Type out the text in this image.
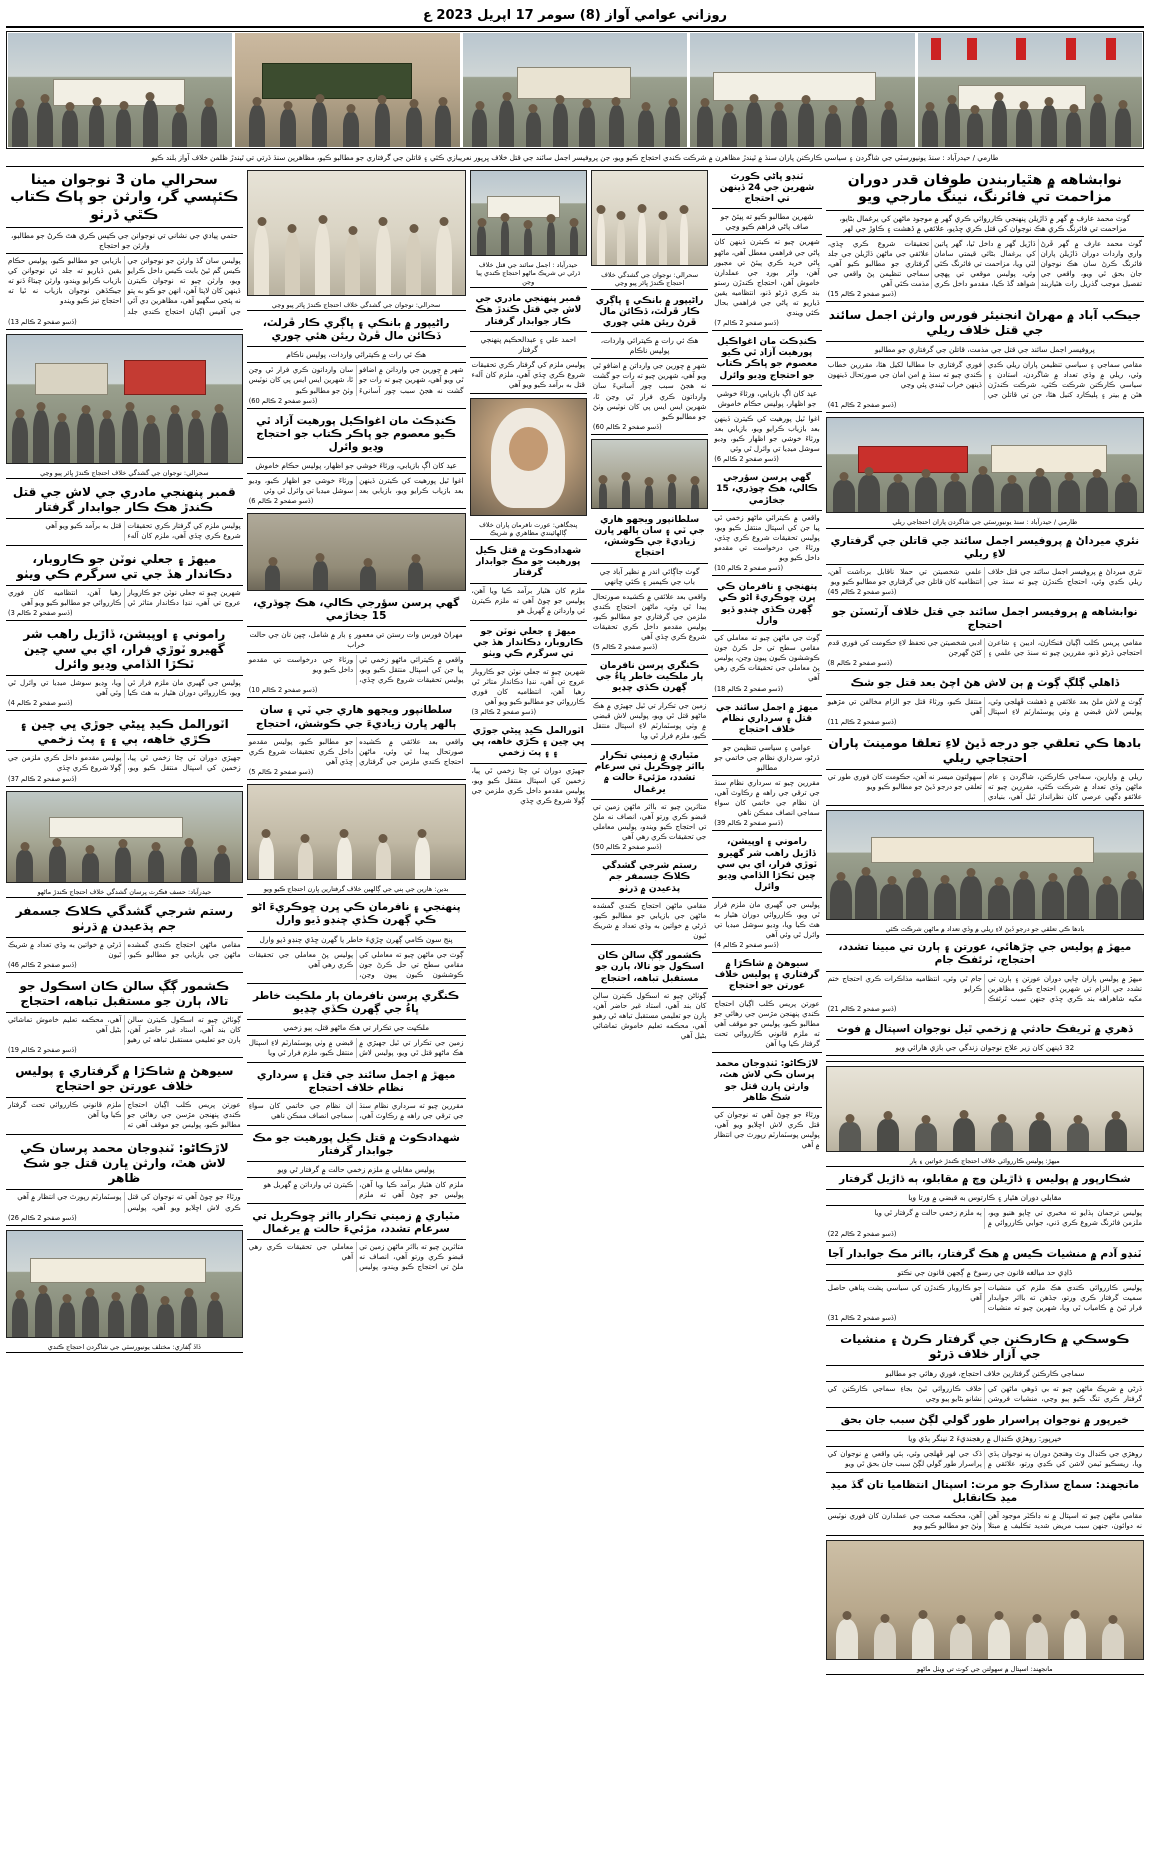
روزاني عوامي آواز (8) سومر 17 اپريل 2023 ع
طارمي / حيدرآباد : سنڌ يونيورسٽي جي شاگردن ۽ سياسي ڪارڪنن پاران سنڌ ۾ ٿيندڙ مظاهرن ۾ شرڪت ڪندي احتجاج ڪيو ويو، جن پروفيسر اجمل سائند جي قتل خلاف ڀرپور نعريبازي ڪئي ۽ قاتلن جي گرفتاري جو مطالبو ڪيو، مظاهرين سنڌ ڌرتي تي ٿيندڙ ظلمن خلاف آواز بلند ڪيو
نوابشاهه ۾ هٿياربندن طوفان قدر دوران مزاحمت تي فائرنگ، نينگ مارجي ويو
گوٺ محمد عارف ۾ گهر ۾ ڌاڙيلن پنهنجي ڪارروائي ڪري گهر ۾ موجود ماڻهن کي يرغمال بڻايو، مزاحمت تي فائرنگ ڪري هڪ نوجوان کي قتل ڪري ڇڏيو، علائقي ۾ ڏهشت ۽ ڪاوڙ جي لهر
گوٺ محمد عارف ۾ گهر ڦرڻ واري واردات دوران ڌاڙيلن پاران فائرنگ ڪرڻ سان هڪ نوجوان جان بحق ٿي ويو، واقعي جي تفصيل موجب گذريل رات هٿياربند ڌاڙيل گهر ۾ داخل ٿيا، گهر ڀاتين کي يرغمال بڻائي قيمتي سامان لٽي ويا، مزاحمت تي فائرنگ ڪئي وئي، پوليس موقعي تي پهچي شواهد گڏ ڪيا، مقدمو داخل ڪري تحقيقات شروع ڪري ڇڏي، علائقي جي ماڻهن ڌاڙيلن جي جلد گرفتاري جو مطالبو ڪيو آهي، سماجي تنظيمن پڻ واقعي جي مذمت ڪئي آهي
(ڏسو صفحو 2 ڪالم 15)
جيڪب آباد ۾ مهراڻ انجنيئر فورس وارثن اجمل سائند جي قتل خلاف ريلي
پروفيسر اجمل سائند جي قتل جي مذمت، قاتلن جي گرفتاري جو مطالبو
مقامي سماجي ۽ سياسي تنظيمن پاران ريلي ڪڍي وئي، ريلي ۾ وڏي تعداد ۾ شاگردن، استادن ۽ سياسي ڪارڪنن شرڪت ڪئي، شرڪت ڪندڙن هٿن ۾ بينر ۽ پليڪارڊ کنيل هئا، جن تي قاتلن جي فوري گرفتاري جا مطالبا لکيل هئا، مقررين خطاب ڪندي چيو ته سنڌ ۾ امن امان جي صورتحال ڏينهون ڏينهن خراب ٿيندي پئي وڃي
(ڏسو صفحو 2 ڪالم 41)
طارمي / حيدرآباد : سنڌ يونيورسٽي جي شاگردن پاران احتجاجي ريلي
نئري ميرداڻ ۾ پروفيسر اجمل سائند جي قاتلن جي گرفتاري لاءِ ريلي
نئري ميرداڻ ۾ پروفيسر اجمل سائند جي قتل خلاف ريلي ڪڍي وئي، احتجاج ڪندڙن چيو ته سنڌ جي علمي شخصيتن تي حملا ناقابل برداشت آهن، انتظاميه کان قاتلن جي گرفتاري جو مطالبو ڪيو ويو
(ڏسو صفحو 2 ڪالم 45)
نوابشاهه ۾ پروفيسر اجمل سائند جي قتل خلاف آرٽسٽن جو احتجاج
مقامي پريس ڪلب اڳيان فنڪارن، اديبن ۽ شاعرن احتجاجي ڌرڻو ڏنو، مقررين چيو ته سنڌ جي علمي ۽ ادبي شخصيتن جي تحفظ لاءِ حڪومت کي فوري قدم کڻڻ گهرجن
(ڏسو صفحو 2 ڪالم 8)
ڏاهلي ڳلڳ ڳوٺ ۾ ٻن لاش هڻ اچڻ بعد قتل جو شڪ
ڳوٺ ۾ لاش ملڻ بعد علائقي ۾ ڏهشت ڦهلجي وئي، پوليس لاش قبضي ۾ وٺي پوسٽمارٽم لاءِ اسپتال منتقل ڪيو، ورثاءَ قتل جو الزام مخالفن تي مڙهيو آهي
(ڏسو صفحو 2 ڪالم 11)
بادها ڪي تعلقي جو درجه ڏيڻ لاءِ تعلقا مومينٽ پاران احتجاجي ريلي
ريلي ۾ واپارين، سماجي ڪارڪنن، شاگردن ۽ عام ماڻهن وڏي تعداد ۾ شرڪت ڪئي، مقررين چيو ته علائقو ڊگهي عرصي کان نظرانداز ٿيل آهي، بنيادي سهولتون ميسر نه آهن، حڪومت کان فوري طور تي تعلقي جو درجو ڏيڻ جو مطالبو ڪيو ويو
بادها ڪي تعلقي جو درجو ڏيڻ لاءِ ريلي ۾ وڏي تعداد ۾ ماڻهن شرڪت ڪئي
ميهڙ ۾ پوليس جي چڙهائي، عورتن ۽ ٻارن تي مبينا تشدد، احتجاج، ٽرئفڪ جام
ميهڙ ۾ پوليس پاران ڇاپي دوران عورتن ۽ ٻارن تي تشدد جي الزام تي شهرين احتجاج ڪيو، مظاهرين مکيه شاهراهه بند ڪري ڇڏي جنهن سبب ٽرئفڪ جام ٿي وئي، انتظاميه مذاڪرات ڪري احتجاج ختم ڪرايو
(ڏسو صفحو 2 ڪالم 21)
ڏهري ۾ ٽريفڪ حادثي ۾ زخمي ٿيل نوجوان اسپتال ۾ فوت
32 ڏينهن کان زير علاج نوجوان زندگي جي بازي هارائي ويو
ميهڙ: پوليس ڪارروائي خلاف احتجاج ڪندڙ خواتين ۽ ٻار
شڪارپور ۾ پوليس ۽ ڌاڙيلن وچ ۾ مقابلو، ٻه ڌاڙيل گرفتار
مقابلي دوران هٿيار ۽ ڪارتوس به قبضي ۾ ورتا ويا
پوليس ترجمان ٻڌايو ته مخبري تي ڇاپو هنيو ويو، ملزمن فائرنگ شروع ڪري ڏني، جوابي ڪارروائي ۾ ٻه ملزم زخمي حالت ۾ گرفتار ٿي ويا
(ڏسو صفحو 2 ڪالم 22)
ٽنڊو آدم ۾ منشيات ڪيس ۾ هڪ گرفتار، بااثر مڪ جوابدار آجا
ڏاڍي حد مبالغه قانون جي رسوخ ۾ ڳجهن قانون جي نڪتو
پوليس ڪارروائي ڪندي هڪ ملزم کي منشيات سميت گرفتار ڪري ورتو، جڏهن ته بااثر جوابدار فرار ٿيڻ ۾ ڪامياب ٿي ويا، شهرين چيو ته منشيات جو ڪاروبار ڪندڙن کي سياسي پشت پناهي حاصل آهي
(ڏسو صفحو 2 ڪالم 31)
ڪوسڪي ۾ ڪارڪنن جي گرفتار ڪرڻ ۽ منشيات جي آزار خلاف ڌرڻو
سماجي ڪارڪنن گرفتارين خلاف احتجاج، فوري رهائي جو مطالبو
ڌرڻي ۾ شريڪ ماڻهن چيو ته بي ڏوهي ماڻهن کي گرفتار ڪري تنگ ڪيو پيو وڃي، منشيات فروشن خلاف ڪارروائي ٿيڻ بجاءِ سماجي ڪارڪنن کي نشانو بڻايو پيو وڃي
خيرپور ۾ نوجوان پراسرار طور گولي لڳڻ سبب جان بحق
خيرپور: روهڙي ڪنڊال ۾ رهجنديءَ 2 نينگر ٻڏي ويا
روهڙي جي ڪنڊال وٽ وهنجڻ دوران ٻه نوجوان ٻڏي ويا، ريسڪيو ٽيمن لاشن کي ڪڍي ورتو، علائقي ۾ ڏک جي لهر ڦهلجي وئي، ٻئي واقعي ۾ نوجوان کي پراسرار طور گولي لڳڻ سبب جان بحق ٿي ويو
مانجهند: سماج سڌارڪ جو مرت: اسپتال انتظاميا تان گڏ ميڊ ميڊ ڪانقابل
مقامي ماڻهن چيو ته اسپتال ۾ نه ڊاڪٽر موجود آهن نه دوائون، جنهن سبب مريض شديد تڪليف ۾ مبتلا آهن، محڪمه صحت جي عملدارن کان فوري نوٽيس وٺڻ جو مطالبو ڪيو ويو
مانجهند: اسپتال ۾ سهولتن جي کوٽ تي ويٺل ماڻهو
ٽنڊو ڀاڻي ڪورٽ شهرين جي 24 ڏينهن تي احتجاج
شهرين مطالبو ڪيو ته پيئڻ جو صاف پاڻي فراهم ڪيو وڃي
شهرين چيو ته ڪيترن ڏينهن کان پاڻي جي فراهمي معطل آهي، ماڻهو پاڻي خريد ڪري پيئڻ تي مجبور آهن، واٽر بورڊ جي عملدارن خاموش آهن، احتجاج ڪندڙن رستو بند ڪري ڌرڻو ڏنو، انتظاميه يقين ڏياريو ته پاڻي جي فراهمي بحال ڪئي ويندي
(ڏسو صفحو 2 ڪالم 7)
ڪنڊڪٽ مان اغواڪيل پورهيت آزاد ٿي ڪيو معصوم جو ڀاڪر ڪتاب جو احتجاج وڊيو وائرل
عيد کان اڳ بازيابي، ورثاءَ خوشي جو اظهار، پوليس حڪام خاموش
اغوا ٿيل پورهيت کي ڪيترن ڏينهن بعد بازياب ڪرايو ويو، بازيابي بعد ورثاءَ خوشي جو اظهار ڪيو، وڊيو سوشل ميڊيا تي وائرل ٿي وئي
(ڏسو صفحو 2 ڪالم 6)
گهي پرسن سؤرجي ڪالي، هڪ چوڌري، 15 جخاڙمي
واقعي ۾ ڪيترائي ماڻهو زخمي ٿي پيا جن کي اسپتال منتقل ڪيو ويو، پوليس تحقيقات شروع ڪري ڇڏي، ورثاءَ جي درخواست تي مقدمو داخل ڪيو ويو
(ڏسو صفحو 2 ڪالم 10)
پنهنجي ۽ نافرمان ڪي ڀرن ڇوڪريءَ اڻو ڪي ڳهرن ڪڏي چنڊو ڏيو وارل
ڳوٺ جي ماڻهن چيو ته معاملي کي مقامي سطح تي حل ڪرڻ جون ڪوششون ڪيون پيون وڃن، پوليس پڻ معاملي جي تحقيقات ڪري رهي آهي
(ڏسو صفحو 2 ڪالم 18)
ميهڙ ۾ اجمل سائند جي قتل ۽ سرداري نظام خلاف احتجاج
عوامي ۽ سياسي تنظيمن جو ڌرڻو، سرداري نظام جي خاتمي جو مطالبو
مقررين چيو ته سرداري نظام سنڌ جي ترقي جي راهه ۾ رڪاوٽ آهي، ان نظام جي خاتمي کان سواءِ سماجي انصاف ممڪن ناهي
(ڏسو صفحو 2 ڪالم 39)
راموني ۽ اوپيشن، ڏاڙيل راهب شر گهيرو ٽوڙي فرار، اي بي سي چين ٽڪڙا الڏامي وڊيو وائرل
پوليس جي گهيري مان ملزم فرار ٿي ويو، ڪارروائي دوران هٿيار به هٿ ڪيا ويا، وڊيو سوشل ميڊيا تي وائرل ٿي وئي آهي
(ڏسو صفحو 2 ڪالم 4)
سيوهڻ ۾ شاڪڙا ۾ گرفتاري ۽ پوليس خلاف عورتن جو احتجاج
عورتن پريس ڪلب اڳيان احتجاج ڪندي پنهنجن مڙسن جي رهائي جو مطالبو ڪيو، پوليس جو موقف آهي ته ملزم قانوني ڪارروائي تحت گرفتار ڪيا ويا آهن
لاڙڪاڻو: ٽنڊوجان محمد پرسان ڪي لاش هٿ، وارثن ڀارن قتل جو شڪ ظاهر
ورثاءَ جو چوڻ آهي ته نوجوان کي قتل ڪري لاش اڇلايو ويو آهي، پوليس پوسٽمارٽم رپورٽ جي انتظار ۾ آهي
سحرالي: نوجوان جي گشدگي خلاف احتجاج ڪندڙ ڀائر پيو وڃي
راڻيپور ۾ بانڪي ۽ ڀاڳري ڪار ڦرلٽ، ڏڪائن مال ڦرڻ ريئن هئي چوري
هڪ ئي رات ۾ ڪيترائي واردات، پوليس ناڪام
شهر ۾ چورين جي وارداتن ۾ اضافو ٿي ويو آهي، شهرين چيو ته رات جو گشت نه هجڻ سبب چور آسانيءَ سان وارداتون ڪري فرار ٿي وڃن ٿا، شهرين ايس ايس پي کان نوٽيس وٺڻ جو مطالبو ڪيو
(ڏسو صفحو 2 ڪالم 60)
سلطانپور ويجهو هاري جي ٽي ۽ سان ٻالهر ڀارن زياديءَ جي ڪوشش، احتجاج
گوٺ جاڳائي اندر ۾ نظير آباد جي باب جي ڪيمبر ۽ ڪئي ڇانهي
واقعي بعد علائقي ۾ ڪشيده صورتحال پيدا ٿي وئي، ماڻهن احتجاج ڪندي ملزمن جي گرفتاري جو مطالبو ڪيو، پوليس مقدمو داخل ڪري تحقيقات شروع ڪري ڇڏي آهي
(ڏسو صفحو 2 ڪالم 5)
ڪنگري پرسن نافرمان ٻار ملڪيت خاطر ڀاءُ جي ڳهرن ڪڏي چڍيو
زمين جي تڪرار تي ٿيل جهيڙي ۾ هڪ ماڻهو قتل ٿي ويو، پوليس لاش قبضي ۾ وٺي پوسٽمارٽم لاءِ اسپتال منتقل ڪيو، ملزم فرار ٿي ويا
مٽياري ۾ زميني تڪرار بااثر ڇوڪريل تي سرعام تشدد، مڙئيءَ حالت ۾ يرغمال
متاثرين چيو ته بااثر ماڻهن زمين تي قبضو ڪري ورتو آهي، انصاف نه ملڻ تي احتجاج ڪيو ويندو، پوليس معاملي جي تحقيقات ڪري رهي آهي
(ڏسو صفحو 2 ڪالم 50)
رستم شرجي گشدگي ڪلاڪ جسمفر جم پڌعيدن ۾ ڌرٺو
مقامي ماڻهن احتجاج ڪندي گمشده ماڻهن جي بازيابي جو مطالبو ڪيو، ڌرڻي ۾ خواتين به وڏي تعداد ۾ شريڪ ٿيون
ڪشمور ڳڳ سالن ڪان اسڪول جو تالا، ٻارن جو مستقبل تباهه، احتجاج
ڳوٺاڻن چيو ته اسڪول ڪيترن سالن کان بند آهي، استاد غير حاضر آهن، ٻارن جو تعليمي مستقبل تباهه ٿي رهيو آهي، محڪمه تعليم خاموش تماشائي بڻيل آهي
حيدرآباد : اجمل سائند جي قتل خلاف ڌرڻي تي شريڪ ماڻهو احتجاج ڪندي پيا وڃن
قمبر پنهنجي مادري جي لاش جي قتل ڪندڙ هڪ ڪار جوابدار گرفتار
احمد علي ۽ عبدالحڪيم پنهنجي گرفتار
پوليس ملزم کي گرفتار ڪري تحقيقات شروع ڪري ڇڏي آهي، ملزم کان آلهء قتل به برآمد ڪيو ويو آهي
پنجگاهي: عورت نافرمان پاران خلاف ڳالهائيندي مظاهري ۾ شريڪ
شهدادڪوٽ ۾ قتل ڪيل پورهيت جو مڪ جوابدار گرفتار
ملزم کان هٿيار برآمد ڪيا ويا آهن، پوليس جو چوڻ آهي ته ملزم ڪيترن ئي وارداتن ۾ گهربل هو
ميهڙ ۽ جعلي نوٽن جو ڪاروبار، دڪاندار هڏ جي تي سرگرم ڪي ويٺو
شهرين چيو ته جعلي نوٽن جو ڪاروبار عروج تي آهي، ننڍا دڪاندار متاثر ٿي رهيا آهن، انتظاميه کان فوري ڪارروائي جو مطالبو ڪيو ويو آهي
(ڏسو صفحو 2 ڪالم 3)
اٽورالمل ڪيڊ ڀيڻي جوڙي ڀي چين ۽ ڪڙي خاهه، ٻي ۽ ۽ پٽ زخمي
جهيڙي دوران ٽي ڄڻا زخمي ٿي پيا، زخمين کي اسپتال منتقل ڪيو ويو، پوليس مقدمو داخل ڪري ملزمن جي ڳولا شروع ڪري ڇڏي
سحرالي: نوجوان جي گشدگي خلاف احتجاج ڪندڙ ڀائر پيو وڃي
راڻيپور ۾ بانڪي ۽ ڀاڳري ڪار ڦرلٽ، ڏڪائن مال ڦرڻ ريئن هئي چوري
هڪ ئي رات ۾ ڪيترائي واردات، پوليس ناڪام
شهر ۾ چورين جي وارداتن ۾ اضافو ٿي ويو آهي، شهرين چيو ته رات جو گشت نه هجڻ سبب چور آسانيءَ سان وارداتون ڪري فرار ٿي وڃن ٿا، شهرين ايس ايس پي کان نوٽيس وٺڻ جو مطالبو ڪيو
(ڏسو صفحو 2 ڪالم 60)
ڪنڊڪٽ مان اغواڪيل پورهيت آزاد ٿي ڪيو معصوم جو ڀاڪر ڪتاب جو احتجاج وڊيو وائرل
عيد کان اڳ بازيابي، ورثاءَ خوشي جو اظهار، پوليس حڪام خاموش
اغوا ٿيل پورهيت کي ڪيترن ڏينهن بعد بازياب ڪرايو ويو، بازيابي بعد ورثاءَ خوشي جو اظهار ڪيو، وڊيو سوشل ميڊيا تي وائرل ٿي وئي
(ڏسو صفحو 2 ڪالم 6)
گهي پرسن سؤرجي ڪالي، هڪ چوڌري، 15 جخاڙمي
مهراڻ فورس وات رستن تي معمور ۽ بار ۾ شامل، چپن نان جي حالت خراب
واقعي ۾ ڪيترائي ماڻهو زخمي ٿي پيا جن کي اسپتال منتقل ڪيو ويو، پوليس تحقيقات شروع ڪري ڇڏي، ورثاءَ جي درخواست تي مقدمو داخل ڪيو ويو
(ڏسو صفحو 2 ڪالم 10)
سلطانپور ويجهو هاري جي ٽي ۽ سان ٻالهر ڀارن زياديءَ جي ڪوشش، احتجاج
واقعي بعد علائقي ۾ ڪشيده صورتحال پيدا ٿي وئي، ماڻهن احتجاج ڪندي ملزمن جي گرفتاري جو مطالبو ڪيو، پوليس مقدمو داخل ڪري تحقيقات شروع ڪري ڇڏي آهي
(ڏسو صفحو 2 ڪالم 5)
بدين: هارين جي ٻني جي ڳالهين خلاف گرفتارين ڀارن احتجاج ڪيو ويو
پنهنجي ۽ نافرمان ڪي ڀرن ڇوڪريءَ اڻو ڪي ڳهرن ڪڏي چنڊو ڏيو وارل
پنج سون ڪامي ڳهرن ڇڙيءَ خاطر يا گهرن ڇڏي چنڊو ڏيو وارل
ڳوٺ جي ماڻهن چيو ته معاملي کي مقامي سطح تي حل ڪرڻ جون ڪوششون ڪيون پيون وڃن، پوليس پڻ معاملي جي تحقيقات ڪري رهي آهي
ڪنگري پرسن نافرمان ٻار ملڪيت خاطر ڀاءُ جي ڳهرن ڪڏي چڍيو
ملڪيت جي تڪرار تي هڪ ماڻهو قتل، ٻيو زخمي
زمين جي تڪرار تي ٿيل جهيڙي ۾ هڪ ماڻهو قتل ٿي ويو، پوليس لاش قبضي ۾ وٺي پوسٽمارٽم لاءِ اسپتال منتقل ڪيو، ملزم فرار ٿي ويا
ميهڙ ۾ اجمل سائند جي قتل ۽ سرداري نظام خلاف احتجاج
مقررين چيو ته سرداري نظام سنڌ جي ترقي جي راهه ۾ رڪاوٽ آهي، ان نظام جي خاتمي کان سواءِ سماجي انصاف ممڪن ناهي
شهدادڪوٽ ۾ قتل ڪيل پورهيت جو مڪ جوابدار گرفتار
پوليس مقابلي ۾ ملزم زخمي حالت ۾ گرفتار ٿي ويو
ملزم کان هٿيار برآمد ڪيا ويا آهن، پوليس جو چوڻ آهي ته ملزم ڪيترن ئي وارداتن ۾ گهربل هو
مٽياري ۾ زميني تڪرار بااثر ڇوڪريل تي سرعام تشدد، مڙئيءَ حالت ۾ يرغمال
متاثرين چيو ته بااثر ماڻهن زمين تي قبضو ڪري ورتو آهي، انصاف نه ملڻ تي احتجاج ڪيو ويندو، پوليس معاملي جي تحقيقات ڪري رهي آهي
سحرالي مان 3 نوجوان مينا ڪئپسي گر، وارثن جو پاڪ ڪتاب ڪٿي ڏرٺو
حتمي پيادي جي نشاني تي نوجوانن جي ڪيس ڪري هٿ ڪرڻ جو مطالبو، وارثن جو احتجاج
پوليس سان گڏ وارثن جو نوجوانن جي ڪيس گم ٿيڻ بابت ڪيس داخل ڪرايو ويو، وارثن چيو ته نوجوان ڪيترن ڏينهن کان لاپتا آهن، انهن جو ڪو به پتو نه پئجي سگهيو آهي، مظاهرين ڊي آئي جي آفيس اڳيان احتجاج ڪندي جلد بازيابي جو مطالبو ڪيو، پوليس حڪام يقين ڏياريو ته جلد ئي نوجوانن کي بازياب ڪرايو ويندو، وارثن چيتاءُ ڏنو ته جيڪڏهن نوجوان بازياب نه ٿيا ته احتجاج تيز ڪيو ويندو
(ڏسو صفحو 2 ڪالم 13)
سحرالي: نوجوان جي گشدگي خلاف احتجاج ڪندڙ ڀائر پيو وڃي
قمبر پنهنجي مادري جي لاش جي قتل ڪندڙ هڪ ڪار جوابدار گرفتار
پوليس ملزم کي گرفتار ڪري تحقيقات شروع ڪري ڇڏي آهي، ملزم کان آلهء قتل به برآمد ڪيو ويو آهي
ميهڙ ۽ جعلي نوٽن جو ڪاروبار، دڪاندار هڏ جي تي سرگرم ڪي ويٺو
شهرين چيو ته جعلي نوٽن جو ڪاروبار عروج تي آهي، ننڍا دڪاندار متاثر ٿي رهيا آهن، انتظاميه کان فوري ڪارروائي جو مطالبو ڪيو ويو آهي
(ڏسو صفحو 2 ڪالم 3)
راموني ۽ اوپيشن، ڏاڙيل راهب شر گهيرو ٽوڙي فرار، اي بي سي چين ٽڪڙا الڏامي وڊيو وائرل
پوليس جي گهيري مان ملزم فرار ٿي ويو، ڪارروائي دوران هٿيار به هٿ ڪيا ويا، وڊيو سوشل ميڊيا تي وائرل ٿي وئي آهي
(ڏسو صفحو 2 ڪالم 4)
اٽورالمل ڪيڊ ڀيڻي جوڙي ڀي چين ۽ ڪڙي خاهه، ٻي ۽ ۽ پٽ زخمي
جهيڙي دوران ٽي ڄڻا زخمي ٿي پيا، زخمين کي اسپتال منتقل ڪيو ويو، پوليس مقدمو داخل ڪري ملزمن جي ڳولا شروع ڪري ڇڏي
(ڏسو صفحو 2 ڪالم 37)
حيدرآباد: حسف فڪرٽ پرسان گشدگي خلاف احتجاج ڪندڙ ماڻهو
رستم شرجي گشدگي ڪلاڪ جسمفر جم پڌعيدن ۾ ڌرٺو
مقامي ماڻهن احتجاج ڪندي گمشده ماڻهن جي بازيابي جو مطالبو ڪيو، ڌرڻي ۾ خواتين به وڏي تعداد ۾ شريڪ ٿيون
(ڏسو صفحو 2 ڪالم 46)
ڪشمور ڳڳ سالن ڪان اسڪول جو تالا، ٻارن جو مستقبل تباهه، احتجاج
ڳوٺاڻن چيو ته اسڪول ڪيترن سالن کان بند آهي، استاد غير حاضر آهن، ٻارن جو تعليمي مستقبل تباهه ٿي رهيو آهي، محڪمه تعليم خاموش تماشائي بڻيل آهي
(ڏسو صفحو 2 ڪالم 19)
سيوهڻ ۾ شاڪڙا ۾ گرفتاري ۽ پوليس خلاف عورتن جو احتجاج
عورتن پريس ڪلب اڳيان احتجاج ڪندي پنهنجن مڙسن جي رهائي جو مطالبو ڪيو، پوليس جو موقف آهي ته ملزم قانوني ڪارروائي تحت گرفتار ڪيا ويا آهن
لاڙڪاڻو: ٽنڊوجان محمد پرسان ڪي لاش هٿ، وارثن ڀارن قتل جو شڪ ظاهر
ورثاءَ جو چوڻ آهي ته نوجوان کي قتل ڪري لاش اڇلايو ويو آهي، پوليس پوسٽمارٽم رپورٽ جي انتظار ۾ آهي
(ڏسو صفحو 2 ڪالم 26)
ڏاڏ ڳفاري: مختلف يونيورسٽي جي شاگردن احتجاج ڪندي
